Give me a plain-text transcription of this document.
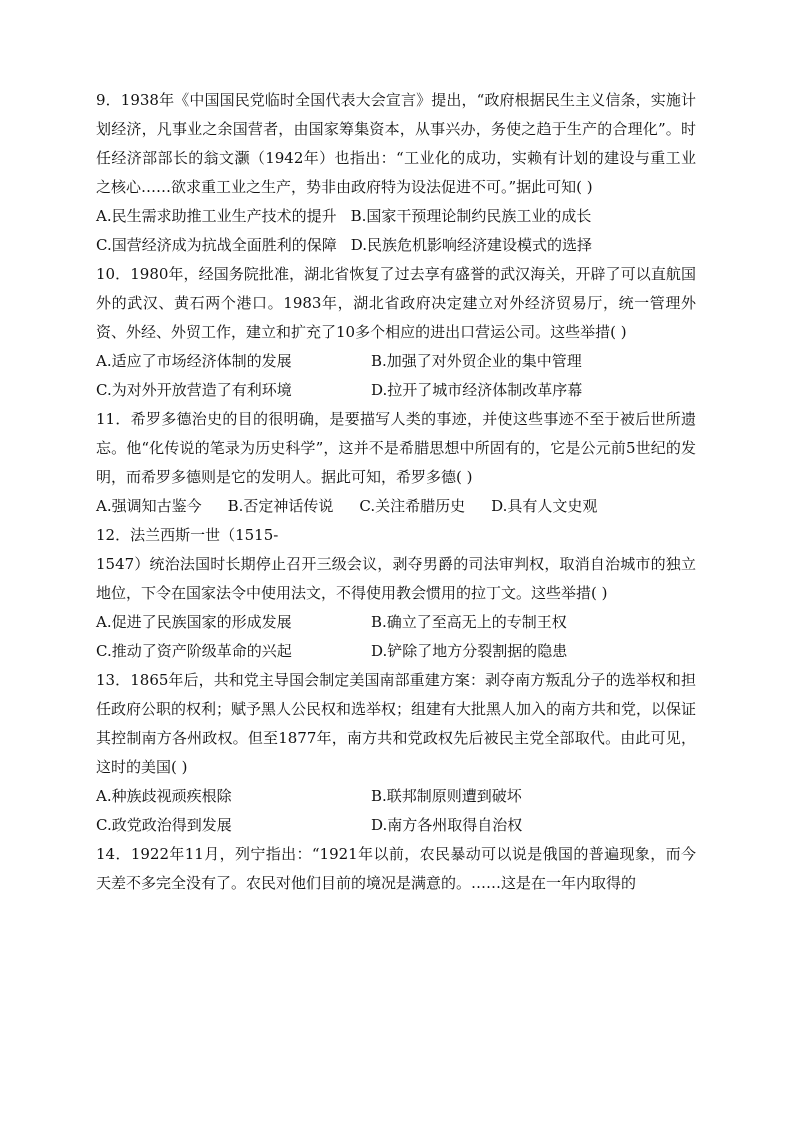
9．1938年《中国国民党临时全国代表大会宣言》提出，“政府根据民生主义信条，实施计划经济，凡事业之余国营者，由国家筹集资本，从事兴办，务使之趋于生产的合理化”。时任经济部部长的翁文灏（1942年）也指出：“工业化的成功，实赖有计划的建设与重工业之核心……欲求重工业之生产，势非由政府特为设法促进不可。”据此可知( )

A.民生需求助推工业生产技术的提升 B.国家干预理论制约民族工业的成长
C.国营经济成为抗战全面胜利的保障 D.民族危机影响经济建设模式的选择

10．1980年，经国务院批准，湖北省恢复了过去享有盛誉的武汉海关，开辟了可以直航国外的武汉、黄石两个港口。1983年，湖北省政府决定建立对外经济贸易厅，统一管理外资、外经、外贸工作，建立和扩充了10多个相应的进出口营运公司。这些举措( )

A.适应了市场经济体制的发展	B.加强了对外贸企业的集中管理
C.为对外开放营造了有利环境	D.拉开了城市经济体制改革序幕

11．希罗多德治史的目的很明确，是要描写人类的事迹，并使这些事迹不至于被后世所遗忘。他“化传说的笔录为历史科学”，这并不是希腊思想中所固有的，它是公元前5世纪的发明，而希罗多德则是它的发明人。据此可知，希罗多德( )

A.强调知古鉴今 B.否定神话传说 C.关注希腊历史 D.具有人文史观

12．法兰西斯一世（1515-

1547）统治法国时长期停止召开三级会议，剥夺男爵的司法审判权，取消自治城市的独立地位，下令在国家法令中使用法文，不得使用教会惯用的拉丁文。这些举措( )

A.促进了民族国家的形成发展	B.确立了至高无上的专制王权
C.推动了资产阶级革命的兴起	D.铲除了地方分裂割据的隐患

13．1865年后，共和党主导国会制定美国南部重建方案：剥夺南方叛乱分子的选举权和担任政府公职的权利；赋予黑人公民权和选举权；组建有大批黑人加入的南方共和党，以保证其控制南方各州政权。但至1877年，南方共和党政权先后被民主党全部取代。由此可见，这时的美国( )

A.种族歧视顽疾根除	B.联邦制原则遭到破坏
C.政党政治得到发展	D.南方各州取得自治权

14．1922年11月，列宁指出：“1921年以前，农民暴动可以说是俄国的普遍现象，而今天差不多完全没有了。农民对他们目前的境况是满意的。……这是在一年内取得的
